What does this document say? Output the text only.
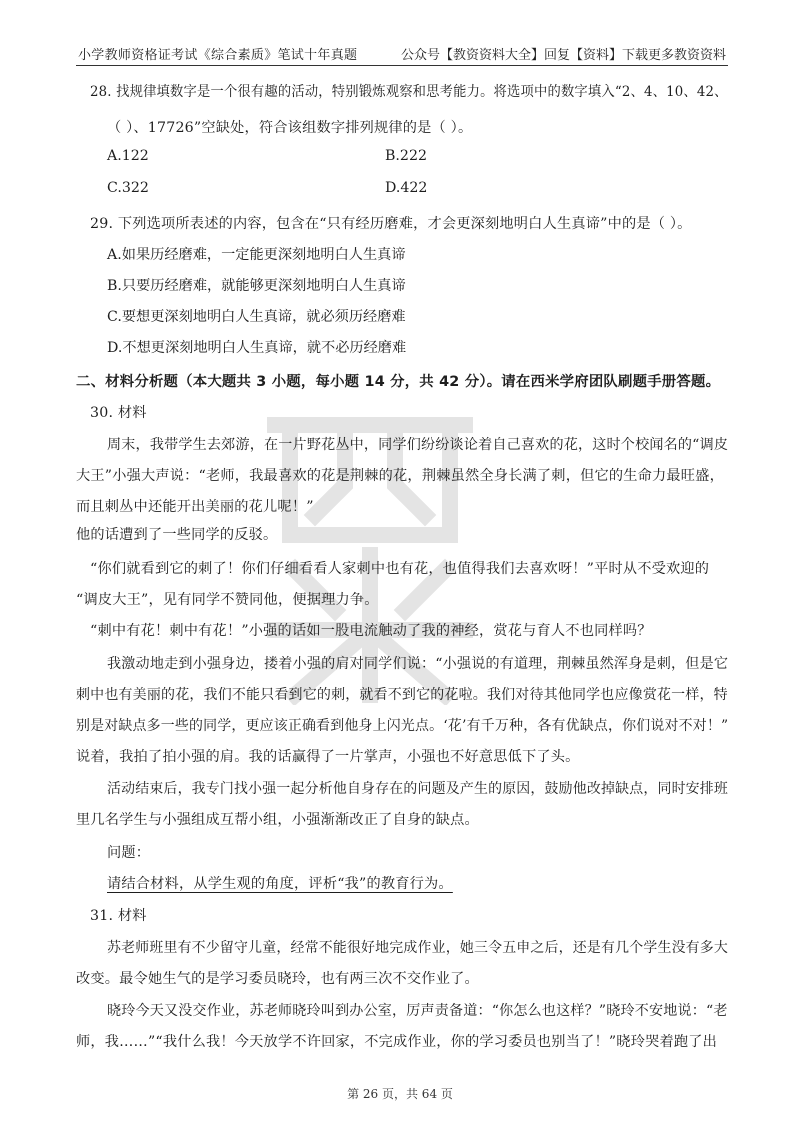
小学教师资格证考试《综合素质》笔试十年真题	公众号【教资资料大全】回复【资料】下载更多教资资料
28. 找规律填数字是一个很有趣的活动，特别锻炼观察和思考能力。将选项中的数字填入“2、4、10、42、
（ ）、17726”空缺处，符合该组数字排列规律的是（ ）。
A.122	B.222
C.322	D.422
29. 下列选项所表述的内容，包含在“只有经历磨难，才会更深刻地明白人生真谛”中的是（ ）。
A.如果历经磨难，一定能更深刻地明白人生真谛
B.只要历经磨难，就能够更深刻地明白人生真谛
C.要想更深刻地明白人生真谛，就必须历经磨难
D.不想更深刻地明白人生真谛，就不必历经磨难
二、材料分析题（本大题共 3 小题，每小题 14 分，共 42 分）。请在西米学府团队刷题手册答题。
30. 材料
周末，我带学生去郊游，在一片野花丛中，同学们纷纷谈论着自己喜欢的花，这时个校闻名的“调皮
大王”小强大声说：“老师，我最喜欢的花是荆棘的花，荆棘虽然全身长满了刺，但它的生命力最旺盛，
而且刺丛中还能开出美丽的花儿呢！”
他的话遭到了一些同学的反驳。
“你们就看到它的刺了！你们仔细看看人家刺中也有花，也值得我们去喜欢呀！”平时从不受欢迎的
“调皮大王”，见有同学不赞同他，便据理力争。
“刺中有花！刺中有花！”小强的话如一股电流触动了我的神经，赏花与育人不也同样吗？
我激动地走到小强身边，搂着小强的肩对同学们说：“小强说的有道理，荆棘虽然浑身是刺，但是它
刺中也有美丽的花，我们不能只看到它的刺，就看不到它的花啦。我们对待其他同学也应像赏花一样，特
别是对缺点多一些的同学，更应该正确看到他身上闪光点。‘花’有千万种，各有优缺点，你们说对不对！”
说着，我拍了拍小强的肩。我的话赢得了一片掌声，小强也不好意思低下了头。
活动结束后，我专门找小强一起分析他自身存在的问题及产生的原因，鼓励他改掉缺点，同时安排班
里几名学生与小强组成互帮小组，小强渐渐改正了自身的缺点。
问题：
请结合材料，从学生观的角度，评析“我”的教育行为。
31. 材料
苏老师班里有不少留守儿童，经常不能很好地完成作业，她三令五申之后，还是有几个学生没有多大
改变。最令她生气的是学习委员晓玲，也有两三次不交作业了。
晓玲今天又没交作业，苏老师晓玲叫到办公室，厉声责备道：“你怎么也这样？”晓玲不安地说：“老
师，我……”“我什么我！今天放学不许回家，不完成作业，你的学习委员也别当了！”晓玲哭着跑了出
第 26 页，共 64 页
